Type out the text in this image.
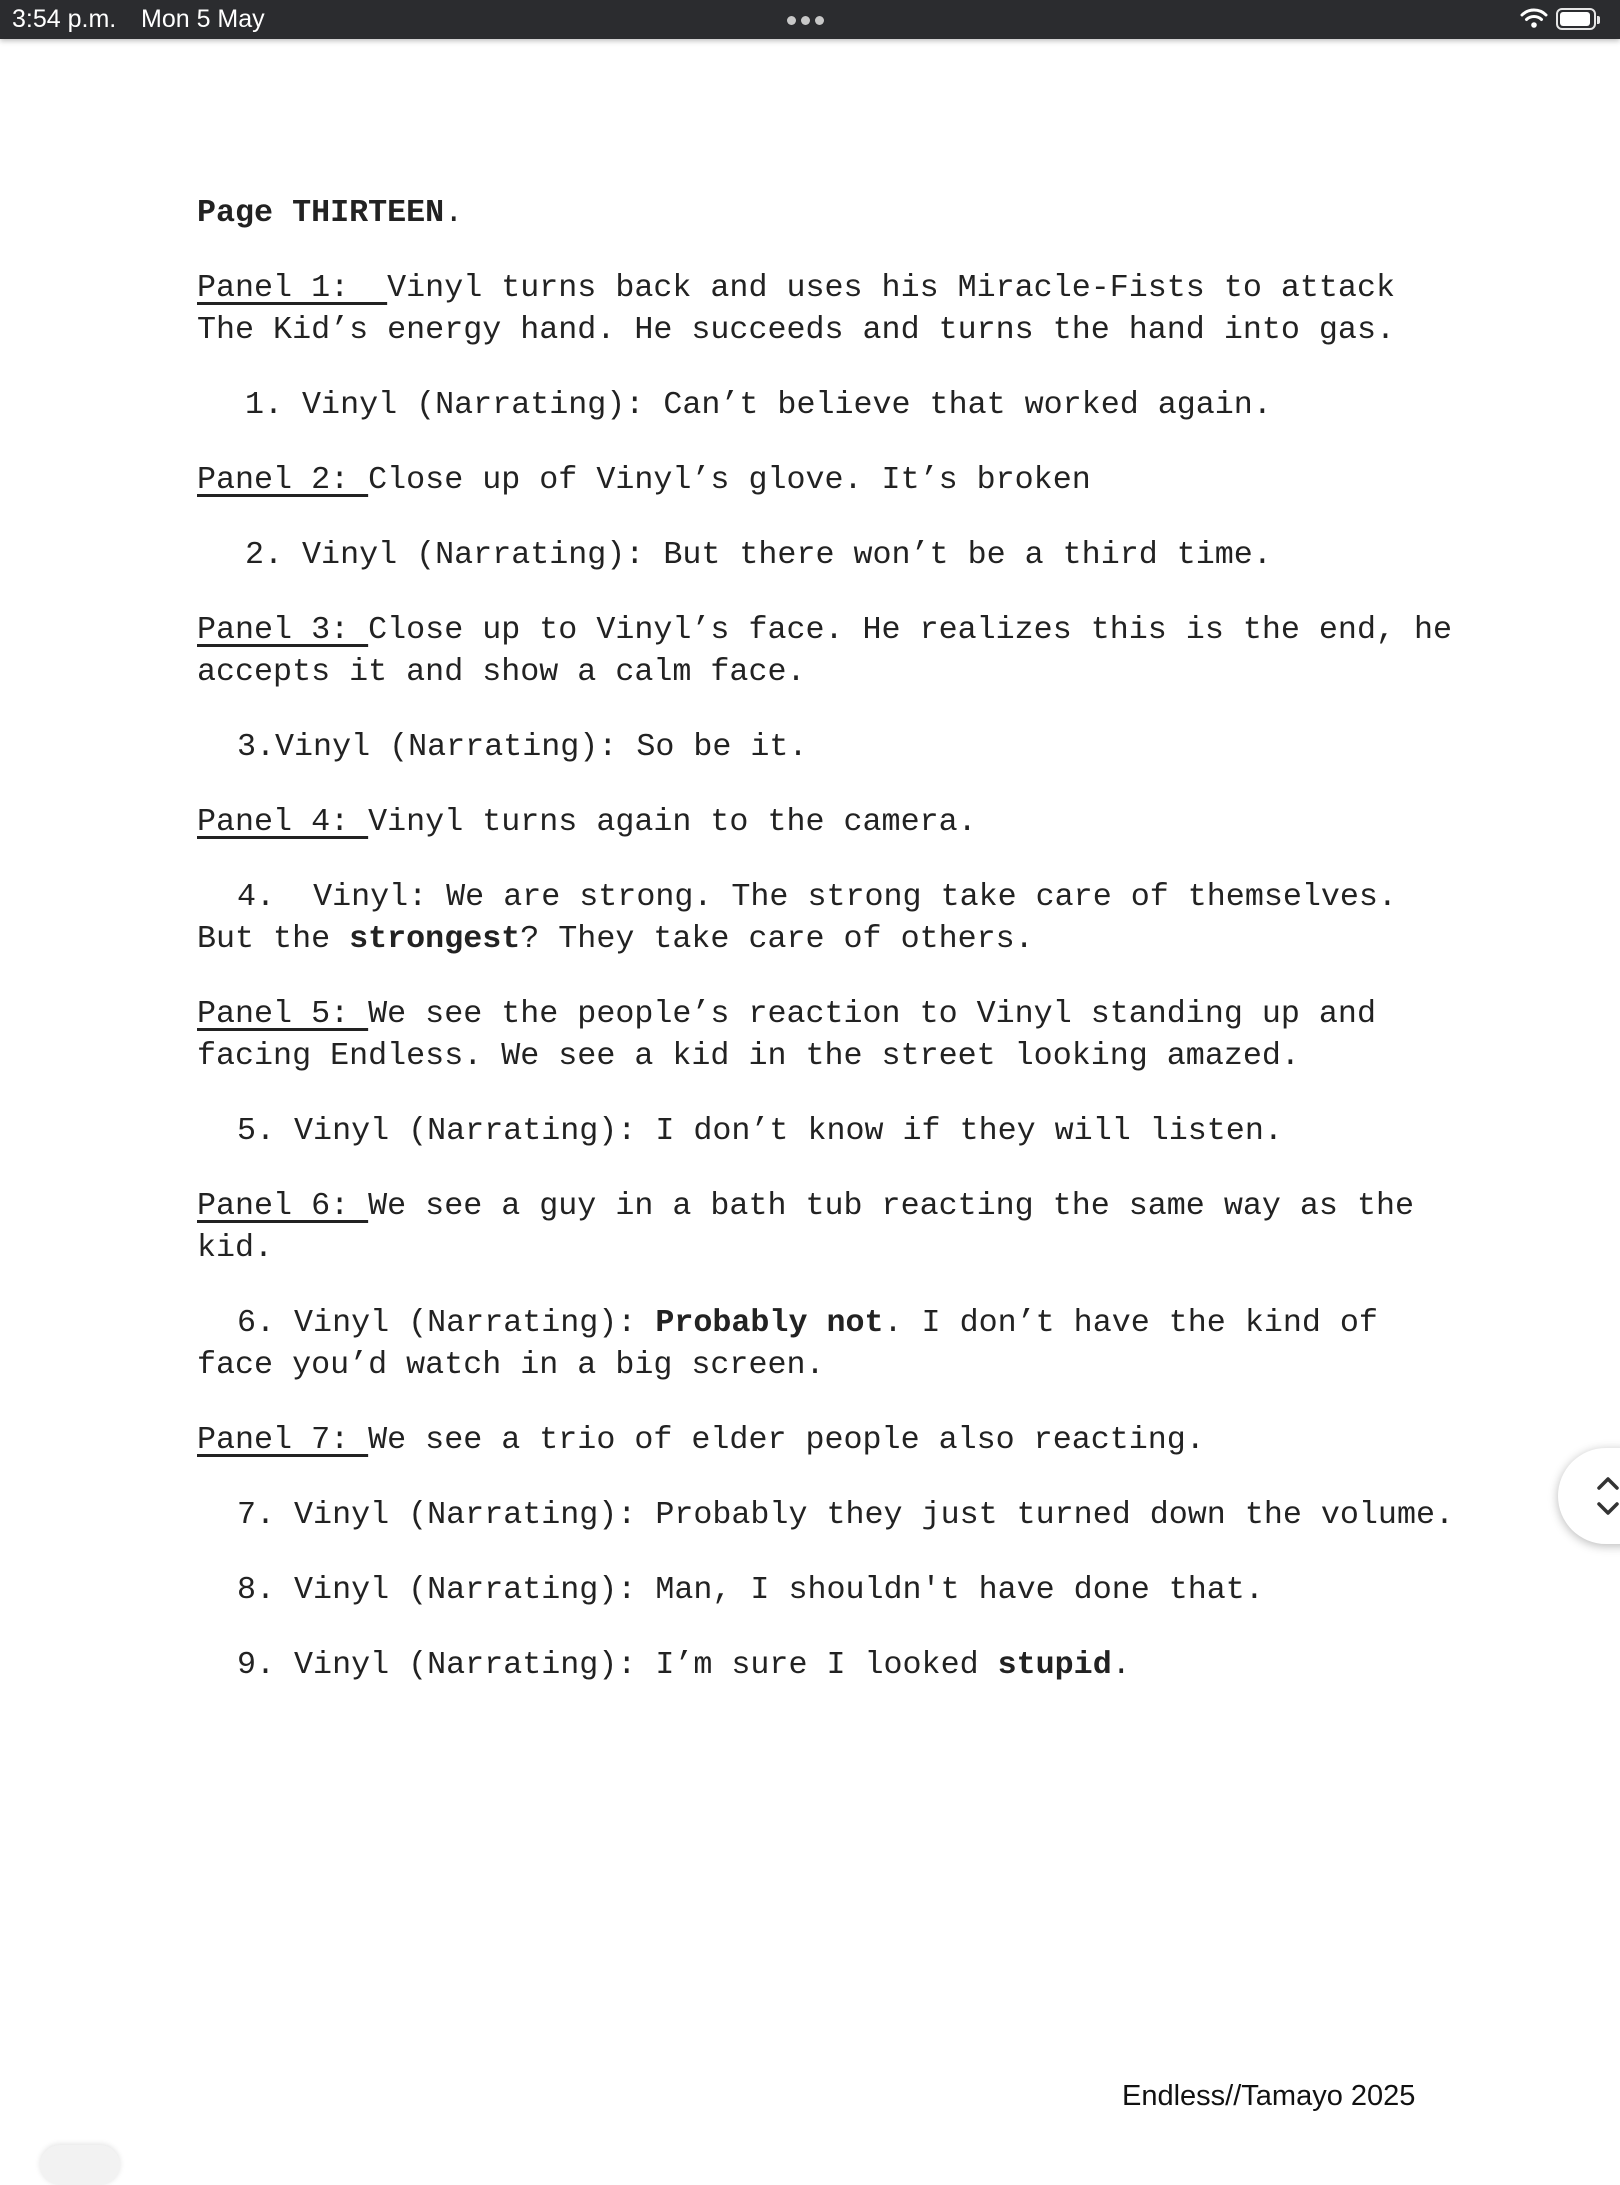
3:54 p.m. Mon 5 May

Page THIRTEEN.

Panel 1:  Vinyl turns back and uses his Miracle-Fists to attack The Kid’s energy hand. He succeeds and turns the hand into gas.

1. Vinyl (Narrating): Can’t believe that worked again.

Panel 2: Close up of Vinyl’s glove. It’s broken

2. Vinyl (Narrating): But there won’t be a third time.

Panel 3: Close up to Vinyl’s face. He realizes this is the end, he accepts it and show a calm face.

3.Vinyl (Narrating): So be it.

Panel 4: Vinyl turns again to the camera.

4. Vinyl: We are strong. The strong take care of themselves. But the strongest? They take care of others.

Panel 5: We see the people’s reaction to Vinyl standing up and facing Endless. We see a kid in the street looking amazed.

5. Vinyl (Narrating): I don’t know if they will listen.

Panel 6: We see a guy in a bath tub reacting the same way as the kid.

6. Vinyl (Narrating): Probably not. I don’t have the kind of face you’d watch in a big screen.

Panel 7: We see a trio of elder people also reacting.

7. Vinyl (Narrating): Probably they just turned down the volume.

8. Vinyl (Narrating): Man, I shouldn't have done that.

9. Vinyl (Narrating): I’m sure I looked stupid.

Endless//Tamayo 2025
